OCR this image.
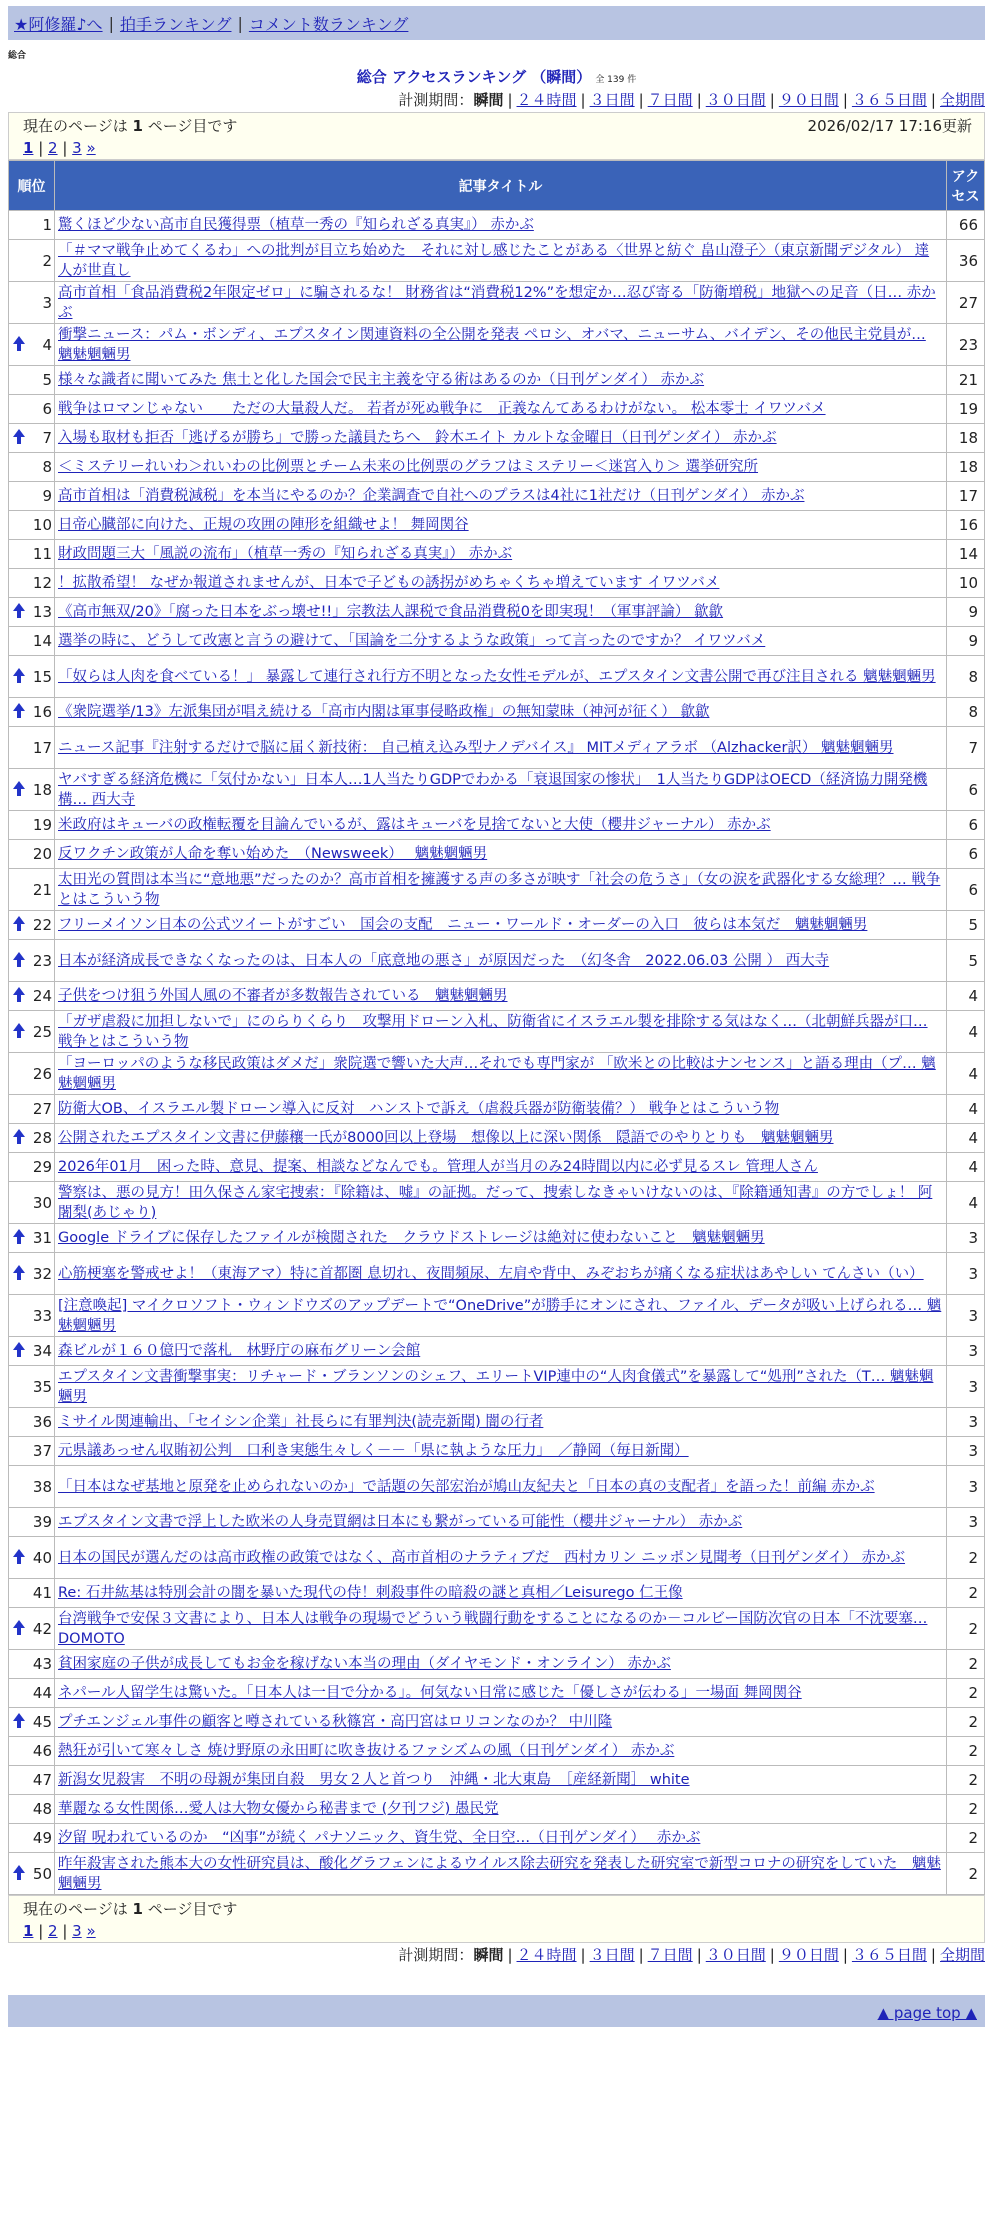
★阿修羅♪へ | 拍手ランキング | コメント数ランキング
総合
総合 アクセスランキング （瞬間） 全 139 件
計測期間：瞬間 | ２４時間 | ３日間 | ７日間 | ３０日間 | ９０日間 | ３６５日間 | 全期間
現在のページは 1 ページ目です	2026/02/17 17:16更新
1 | 2 | 3 »
順位	記事タイトル	アクセス
1	驚くほど少ない高市自民獲得票（植草一秀の『知られざる真実』） 赤かぶ	66
2	「＃ママ戦争止めてくるわ」への批判が目立ち始めた　それに対し感じたことがある〈世界と紡ぐ 畠山澄子〉（東京新聞デジタル） 達人が世直し	36
3	高市首相「食品消費税2年限定ゼロ」に騙されるな！ 財務省は“消費税12%”を想定か…忍び寄る「防衛増税」地獄への足音（日… 赤かぶ	27

4	衝撃ニュース：パム・ボンディ、エプスタイン関連資料の全公開を発表 ペロシ、オバマ、ニューサム、バイデン、その他民主党員が… 魑魅魍魎男	23
5	様々な識者に聞いてみた 焦土と化した国会で民主主義を守る術はあるのか（日刊ゲンダイ） 赤かぶ	21
6	戦争はロマンじゃない　　ただの大量殺人だ。 若者が死ぬ戦争に　正義なんてあるわけがない。 松本零士 イワツバメ	19

7	入場も取材も拒否「逃げるが勝ち」で勝った議員たちへ　鈴木エイト カルトな金曜日（日刊ゲンダイ） 赤かぶ	18
8	＜ミステリーれいわ＞れいわの比例票とチーム未来の比例票のグラフはミステリー＜迷宮入り＞ 選挙研究所	18
9	高市首相は「消費税減税」を本当にやるのか？企業調査で自社へのプラスは4社に1社だけ（日刊ゲンダイ） 赤かぶ	17
10	日帝心臓部に向けた、正規の攻囲の陣形を組織せよ！ 舞岡関谷	16
11	財政問題三大「風説の流布」（植草一秀の『知られざる真実』） 赤かぶ	14
12	！拡散希望！ なぜか報道されませんが、日本で子どもの誘拐がめちゃくちゃ増えています イワツバメ	10

13	《高市無双/20》「腐った日本をぶっ壊せ!!」宗教法人課税で食品消費税0を即実現！（軍事評論） 歙歙	9
14	選挙の時に、どうして改憲と言うの避けて、「国論を二分するような政策」って言ったのですか？ イワツバメ	9

15	「奴らは人肉を食べている！」 暴露して連行され行方不明となった女性モデルが、エプスタイン文書公開で再び注目される 魑魅魍魎男	8

16	《衆院選挙/13》左派集団が唱え続ける「高市内閣は軍事侵略政権」の無知蒙昧（神河が征く） 歙歙	8
17	ニュース記事『注射するだけで脳に届く新技術： 自己植え込み型ナノデバイス』 MITメディアラボ （Alzhacker訳） 魑魅魍魎男	7

18	ヤバすぎる経済危機に「気付かない」日本人…1人当たりGDPでわかる「衰退国家の惨状」　1人当たりGDPはOECD（経済協力開発機構… 西大寺	6
19	米政府はキューバの政権転覆を目論んでいるが、露はキューバを見捨てないと大使（櫻井ジャーナル） 赤かぶ	6
20	反ワクチン政策が人命を奪い始めた　（Newsweek）　 魑魅魍魎男	6
21	太田光の質問は本当に“意地悪”だったのか？高市首相を擁護する声の多さが映す「社会の危うさ」（女の涙を武器化する女総理？… 戦争とはこういう物	6

22	フリーメイソン日本の公式ツイートがすごい　国会の支配　ニュー・ワールド・オーダーの入口　彼らは本気だ　魑魅魍魎男	5

23	日本が経済成長できなくなったのは、日本人の「底意地の悪さ」が原因だった　（幻冬舎　2022.06.03 公開 ） 西大寺	5

24	子供をつけ狙う外国人風の不審者が多数報告されている　魑魅魍魎男	4

25	「ガザ虐殺に加担しないで」にのらりくらり　攻撃用ドローン入札、防衛省にイスラエル製を排除する気はなく…（北朝鮮兵器が口… 戦争とはこういう物	4
26	「ヨーロッパのような移民政策はダメだ」衆院選で響いた大声…それでも専門家が 「欧米との比較はナンセンス」と語る理由（プ… 魑魅魍魎男	4
27	防衛大OB、イスラエル製ドローン導入に反対　ハンストで訴え（虐殺兵器が防衛装備？） 戦争とはこういう物	4

28	公開されたエプスタイン文書に伊藤穰一氏が8000回以上登場　想像以上に深い関係　隠語でのやりとりも　魑魅魍魎男	4
29	2026年01月　困った時、意見、提案、相談などなんでも。管理人が当月のみ24時間以内に必ず見るスレ 管理人さん	4
30	警察は、悪の見方！田久保さん家宅捜索：『除籍は、嘘』の証拠。だって、捜索しなきゃいけないのは、『除籍通知書』の方でしょ！ 阿闍梨(あじゃり)	4

31	Google ドライブに保存したファイルが検閲された　クラウドストレージは絶対に使わないこと　魑魅魍魎男	3

32	心筋梗塞を警戒せよ！（東海アマ）特に首都圏 息切れ、夜間頻尿、左肩や背中、みぞおちが痛くなる症状はあやしい てんさい（い）	3
33	[注意喚起] マイクロソフト・ウィンドウズのアップデートで“OneDrive”が勝手にオンにされ、ファイル、データが吸い上げられる… 魑魅魍魎男	3

34	森ビルが１６０億円で落札　林野庁の麻布グリーン会館	3
35	エプスタイン文書衝撃事実：リチャード・ブランソンのシェフ、エリートVIP連中の“人肉食儀式”を暴露して“処刑”された（T… 魑魅魍魎男	3
36	ミサイル関連輸出、「セイシン企業」社長らに有罪判決(読売新聞) 闇の行者	3
37	元県議あっせん収賄初公判　口利き実態生々しく－－「県に執ような圧力」　／静岡（毎日新聞）	3
38	「日本はなぜ基地と原発を止められないのか」で話題の矢部宏治が鳩山友紀夫と「日本の真の支配者」を語った！前編 赤かぶ	3
39	エプスタイン文書で浮上した欧米の人身売買網は日本にも繋がっている可能性（櫻井ジャーナル） 赤かぶ	3

40	日本の国民が選んだのは高市政権の政策ではなく、高市首相のナラティブだ　西村カリン ニッポン見聞考（日刊ゲンダイ） 赤かぶ	2
41	Re: 石井紘基は特別会計の闇を暴いた現代の侍！刺殺事件の暗殺の謎と真相／Leisurego 仁王像	2

42	台湾戦争で安保３文書により、日本人は戦争の現場でどういう戦闘行動をすることになるのか－コルビー国防次官の日本「不沈要塞… DOMOTO	2
43	貧困家庭の子供が成長してもお金を稼げない本当の理由（ダイヤモンド・オンライン） 赤かぶ	2
44	ネパール人留学生は驚いた。「日本人は一目で分かる」。何気ない日常に感じた「優しさが伝わる」一場面 舞岡関谷	2

45	プチエンジェル事件の顧客と噂されている秋篠宮・高円宮はロリコンなのか？ 中川隆	2
46	熱狂が引いて寒々しさ 焼け野原の永田町に吹き抜けるファシズムの風（日刊ゲンダイ） 赤かぶ	2
47	新潟女児殺害　不明の母親が集団自殺　男女２人と首つり　沖縄・北大東島　［産経新聞］ white	2
48	華麗なる女性関係…愛人は大物女優から秘書まで (夕刊フジ) 愚民党	2
49	汐留 呪われているのか　“凶事”が続く パナソニック、資生党、全日空…（日刊ゲンダイ）　 赤かぶ	2

50	昨年殺害された熊本大の女性研究員は、酸化グラフェンによるウイルス除去研究を発表した研究室で新型コロナの研究をしていた　魑魅魍魎男	2
現在のページは 1 ページ目です
1 | 2 | 3 »
計測期間：瞬間 | ２４時間 | ３日間 | ７日間 | ３０日間 | ９０日間 | ３６５日間 | 全期間
▲ page top ▲
